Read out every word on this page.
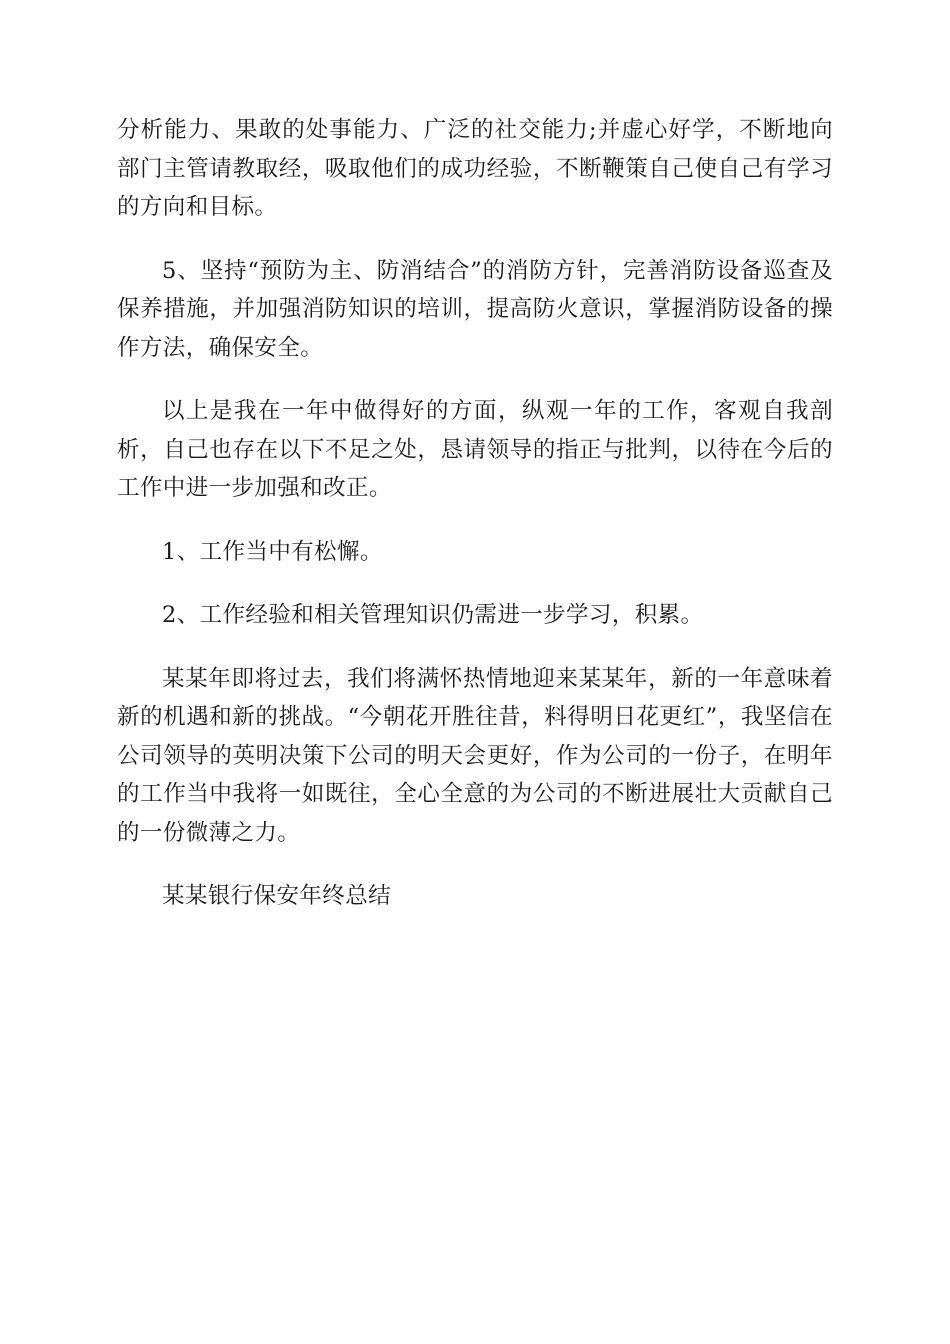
分析能力、果敢的处事能力、广泛的社交能力;并虚心好学，不断地向部门主管请教取经，吸取他们的成功经验，不断鞭策自己使自己有学习的方向和目标。

5、坚持“预防为主、防消结合”的消防方针，完善消防设备巡查及保养措施，并加强消防知识的培训，提高防火意识，掌握消防设备的操作方法，确保安全。

以上是我在一年中做得好的方面，纵观一年的工作，客观自我剖析，自己也存在以下不足之处，恳请领导的指正与批判，以待在今后的工作中进一步加强和改正。

1、工作当中有松懈。

2、工作经验和相关管理知识仍需进一步学习，积累。

某某年即将过去，我们将满怀热情地迎来某某年，新的一年意味着新的机遇和新的挑战。“今朝花开胜往昔，料得明日花更红”，我坚信在公司领导的英明决策下公司的明天会更好，作为公司的一份子，在明年的工作当中我将一如既往，全心全意的为公司的不断进展壮大贡献自己的一份微薄之力。

某某银行保安年终总结
